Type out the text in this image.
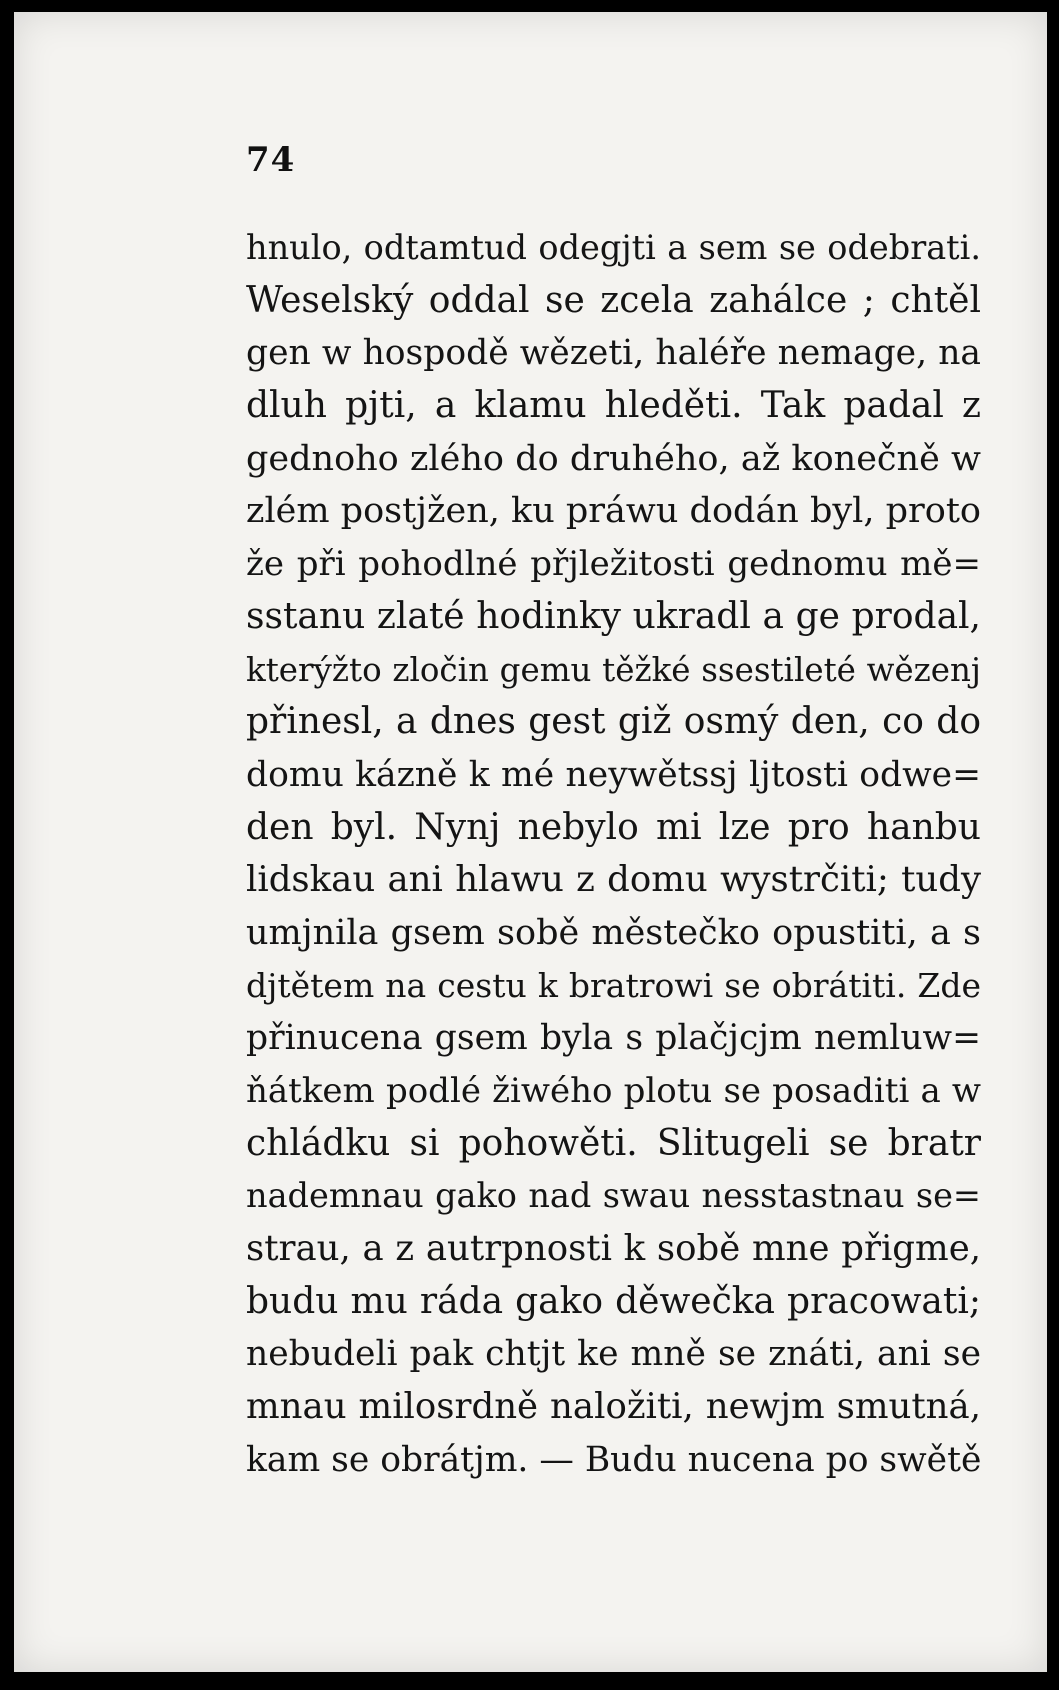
74
hnulo, odtamtud odegjti a sem se odebrati.
Weselský oddal se zcela zahálce ; chtěl
gen w hospodě wězeti, haléře nemage, na
dluh pjti, a klamu hleděti. Tak padal z
gednoho zlého do druhého, až konečně w
zlém postjžen, ku práwu dodán byl, proto
že při pohodlné přjležitosti gednomu mě=
sstanu zlaté hodinky ukradl a ge prodal,
kterýžto zločin gemu těžké ssestileté wězenj
přinesl, a dnes gest giž osmý den, co do
domu kázně k mé neywětssj ljtosti odwe=
den byl. Nynj nebylo mi lze pro hanbu
lidskau ani hlawu z domu wystrčiti; tudy
umjnila gsem sobě městečko opustiti, a s
djtětem na cestu k bratrowi se obrátiti. Zde
přinucena gsem byla s plačjcjm nemluw=
ňátkem podlé žiwého plotu se posaditi a w
chládku si pohowěti. Slitugeli se bratr
nademnau gako nad swau nesstastnau se=
strau, a z autrpnosti k sobě mne přigme,
budu mu ráda gako děwečka pracowati;
nebudeli pak chtjt ke mně se znáti, ani se
mnau milosrdně naložiti, newjm smutná,
kam se obrátjm. — Budu nucena po swětě
